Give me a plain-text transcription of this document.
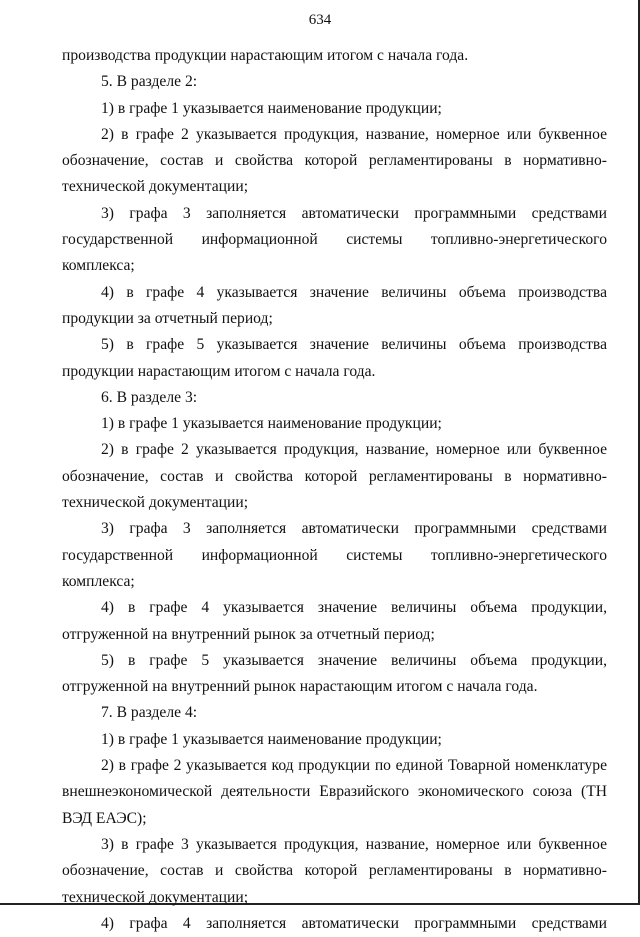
634

производства продукции нарастающим итогом с начала года.

5. В разделе 2:

1) в графе 1 указывается наименование продукции;

2) в графе 2 указывается продукция, название, номерное или буквенное обозначение, состав и свойства которой регламентированы в нормативно-технической документации;

3) графа 3 заполняется автоматически программными средствами государственной информационной системы топливно-энергетического комплекса;

4) в графе 4 указывается значение величины объема производства продукции за отчетный период;

5) в графе 5 указывается значение величины объема производства продукции нарастающим итогом с начала года.

6. В разделе 3:

1) в графе 1 указывается наименование продукции;

2) в графе 2 указывается продукция, название, номерное или буквенное обозначение, состав и свойства которой регламентированы в нормативно-технической документации;

3) графа 3 заполняется автоматически программными средствами государственной информационной системы топливно-энергетического комплекса;

4) в графе 4 указывается значение величины объема продукции, отгруженной на внутренний рынок за отчетный период;

5) в графе 5 указывается значение величины объема продукции, отгруженной на внутренний рынок нарастающим итогом с начала года.

7. В разделе 4:

1) в графе 1 указывается наименование продукции;

2) в графе 2 указывается код продукции по единой Товарной номенклатуре внешнеэкономической деятельности Евразийского экономического союза (ТН ВЭД ЕАЭС);

3) в графе 3 указывается продукция, название, номерное или буквенное обозначение, состав и свойства которой регламентированы в нормативно-технической документации;

4) графа 4 заполняется автоматически программными средствами
